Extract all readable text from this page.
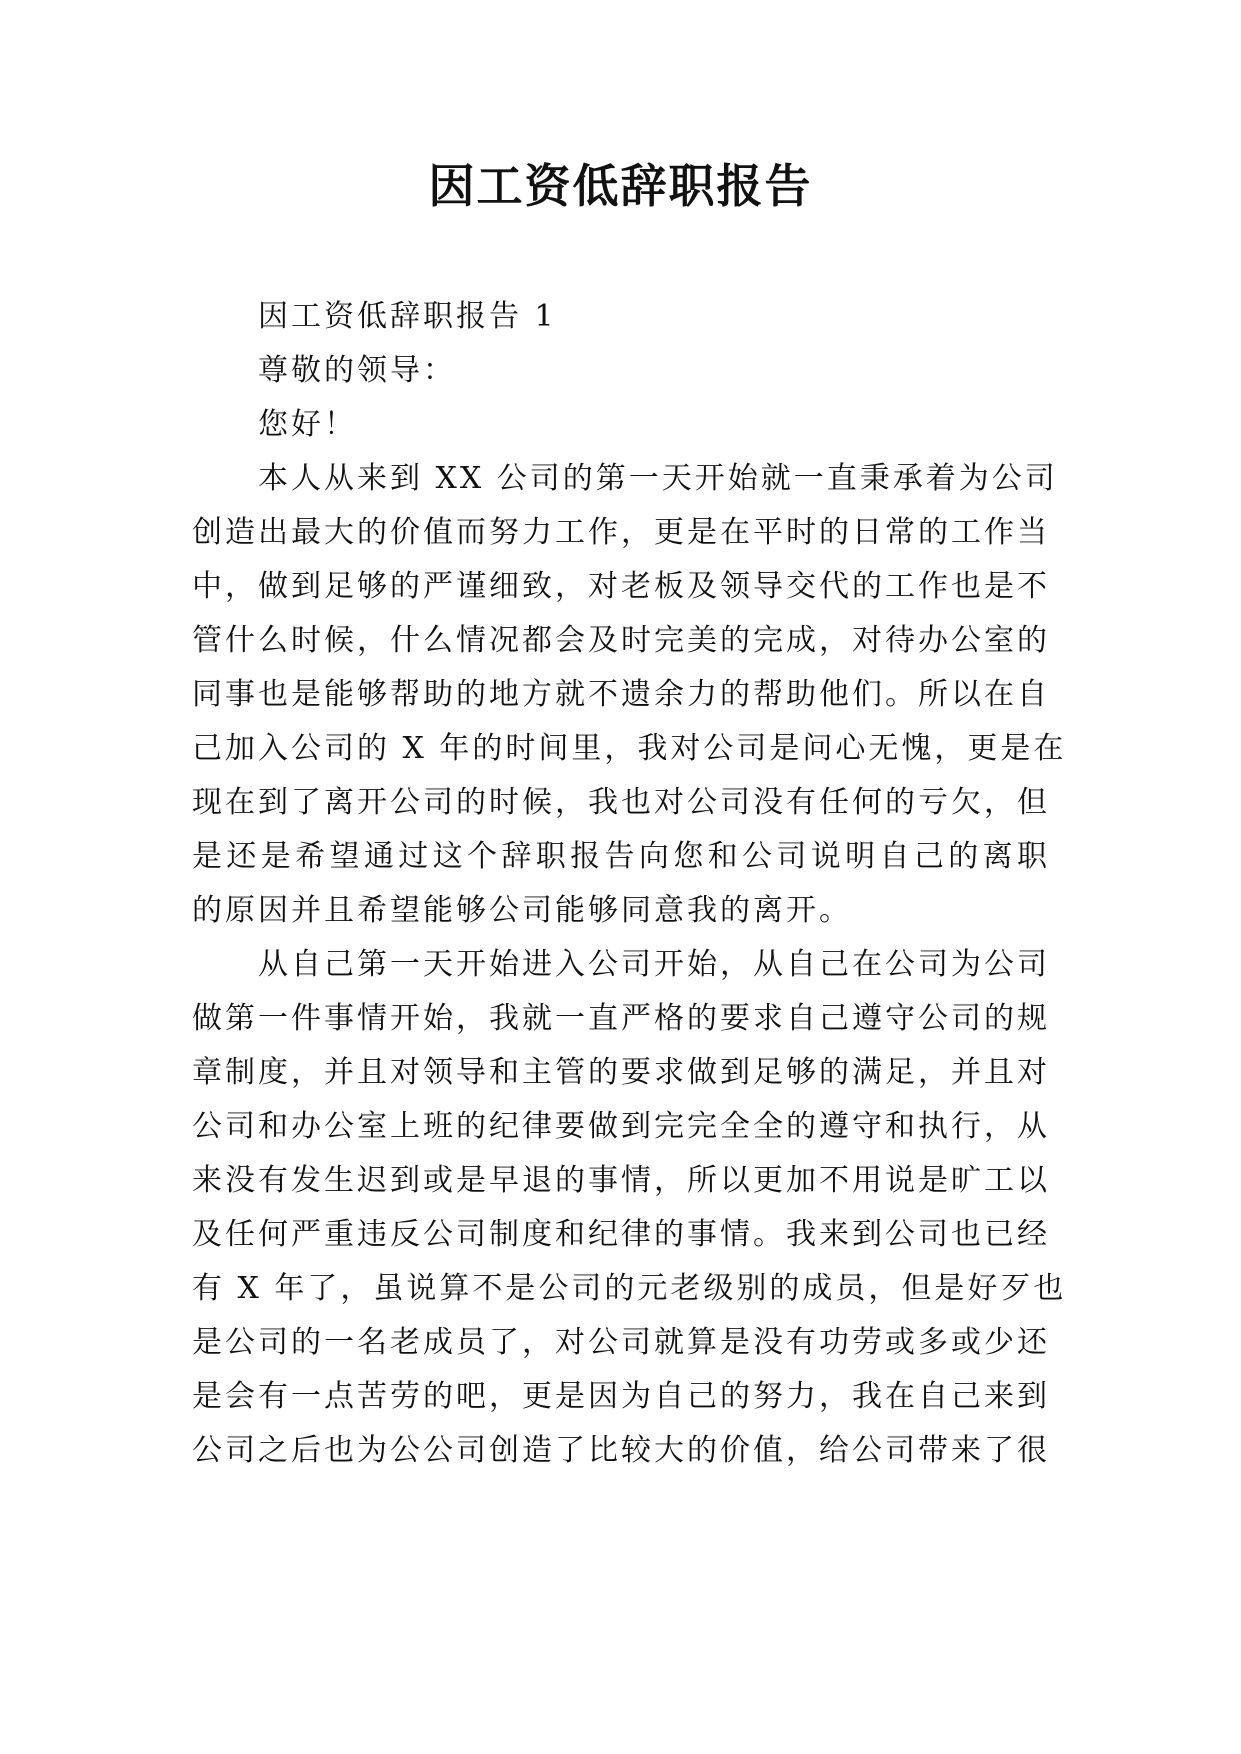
因工资低辞职报告

因工资低辞职报告 1

尊敬的领导：

您好！

本人从来到 XX 公司的第一天开始就一直秉承着为公司

创造出最大的价值而努力工作，更是在平时的日常的工作当

中，做到足够的严谨细致，对老板及领导交代的工作也是不

管什么时候，什么情况都会及时完美的完成，对待办公室的

同事也是能够帮助的地方就不遗余力的帮助他们。所以在自

己加入公司的 X 年的时间里，我对公司是问心无愧，更是在

现在到了离开公司的时候，我也对公司没有任何的亏欠，但

是还是希望通过这个辞职报告向您和公司说明自己的离职

的原因并且希望能够公司能够同意我的离开。

从自己第一天开始进入公司开始，从自己在公司为公司

做第一件事情开始，我就一直严格的要求自己遵守公司的规

章制度，并且对领导和主管的要求做到足够的满足，并且对

公司和办公室上班的纪律要做到完完全全的遵守和执行，从

来没有发生迟到或是早退的事情，所以更加不用说是旷工以

及任何严重违反公司制度和纪律的事情。我来到公司也已经

有 X 年了，虽说算不是公司的元老级别的成员，但是好歹也

是公司的一名老成员了，对公司就算是没有功劳或多或少还

是会有一点苦劳的吧，更是因为自己的努力，我在自己来到

公司之后也为公公司创造了比较大的价值，给公司带来了很
